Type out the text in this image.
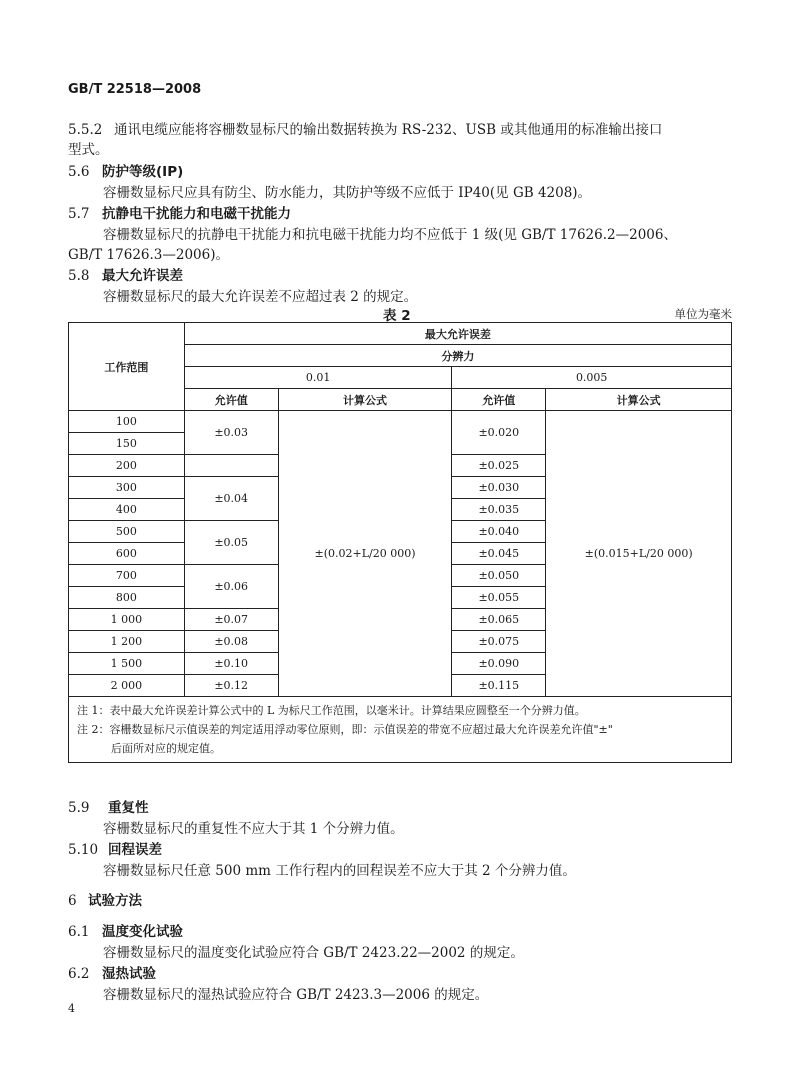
GB/T 22518—2008
5.5.2 通讯电缆应能将容栅数显标尺的输出数据转换为 RS-232、USB 或其他通用的标准输出接口
型式。
5.6 防护等级(IP)
容栅数显标尺应具有防尘、防水能力，其防护等级不应低于 IP40(见 GB 4208)。
5.7 抗静电干扰能力和电磁干扰能力
容栅数显标尺的抗静电干扰能力和抗电磁干扰能力均不应低于 1 级(见 GB/T 17626.2—2006、
GB/T 17626.3—2006)。
5.8 最大允许误差
容栅数显标尺的最大允许误差不应超过表 2 的规定。
表 2	单位为毫米
工作范围	最大允许误差			
	分辨力			
	0.01		0.005	
	允许值	计算公式	允许值	计算公式
100	±0.03	±(0.02+L/20 000)	±0.020	±(0.015+L/20 000)
150				
200			±0.025	
300	±0.04		±0.030	
400			±0.035	
500	±0.05		±0.040	
600			±0.045	
700	±0.06		±0.050	
800			±0.055	
1 000	±0.07		±0.065	
1 200	±0.08		±0.075	
1 500	±0.10		±0.090	
2 000	±0.12		±0.115	

注 1：表中最大允许误差计算公式中的 L 为标尺工作范围，以毫米计。计算结果应圆整至一个分辨力值。
注 2：容栅数显标尺示值误差的判定适用浮动零位原则，即：示值误差的带宽不应超过最大允许误差允许值"±"
后面所对应的规定值。				
5.9 重复性
容栅数显标尺的重复性不应大于其 1 个分辨力值。
5.10 回程误差
容栅数显标尺任意 500 mm 工作行程内的回程误差不应大于其 2 个分辨力值。
6 试验方法
6.1 温度变化试验
容栅数显标尺的温度变化试验应符合 GB/T 2423.22—2002 的规定。
6.2 湿热试验
容栅数显标尺的湿热试验应符合 GB/T 2423.3—2006 的规定。
4
